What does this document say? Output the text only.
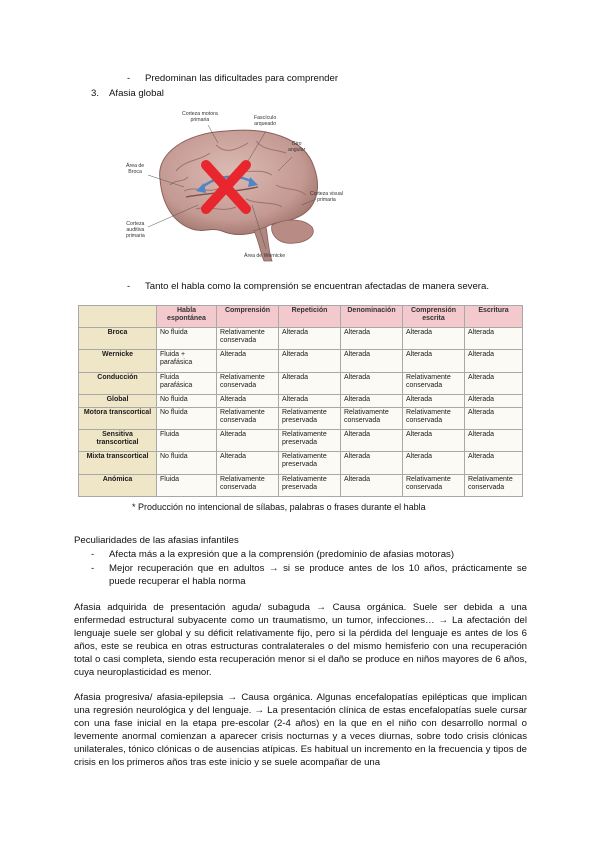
- Predominan las dificultades para comprender
3. Afasia global
Corteza motora
primaria	Fascículo
arqueado
Giro
angular
Área de
Broca
Corteza visual
primaria
Corteza
auditiva
primaria
Área de Wernicke
- Tanto el habla como la comprensión se encuentran afectadas de manera severa.
	Habla espontánea	Comprensión	Repetición	Denominación	Comprensión escrita	Escritura
Broca	No fluida	Relativamente conservada	Alterada	Alterada	Alterada	Alterada
Wernicke	Fluida + parafásica	Alterada	Alterada	Alterada	Alterada	Alterada
Conducción	Fluida parafásica	Relativamente conservada	Alterada	Alterada	Relativamente conservada	Alterada
Global	No fluida	Alterada	Alterada	Alterada	Alterada	Alterada
Motora transcortical	No fluida	Relativamente conservada	Relativamente preservada	Relativamente conservada	Relativamente conservada	Alterada
Sensitiva transcortical	Fluida	Alterada	Relativamente preservada	Alterada	Alterada	Alterada
Mixta transcortical	No fluida	Alterada	Relativamente preservada	Alterada	Alterada	Alterada
Anómica	Fluida	Relativamente conservada	Relativamente preservada	Alterada	Relativamente conservada	Relativamente conservada
* Producción no intencional de sílabas, palabras o frases durante el habla
Peculiaridades de las afasias infantiles
- Afecta más a la expresión que a la comprensión (predominio de afasias motoras)
- Mejor recuperación que en adultos → si se produce antes de los 10 años, prácticamente se puede recuperar el habla norma
Afasia adquirida de presentación aguda/ subaguda → Causa orgánica. Suele ser debida a una enfermedad estructural subyacente como un traumatismo, un tumor, infecciones… → La afectación del lenguaje suele ser global y su déficit relativamente fijo, pero si la pérdida del lenguaje es antes de los 6 años, este se reubica en otras estructuras contralaterales o del mismo hemisferio con una recuperación total o casi completa, siendo esta recuperación menor si el daño se produce en niños mayores de 6 años, cuya neuroplasticidad es menor.
Afasia progresiva/ afasia-epilepsia → Causa orgánica. Algunas encefalopatías epilépticas que implican una regresión neurológica y del lenguaje. → La presentación clínica de estas encefalopatías suele cursar con una fase inicial en la etapa pre-escolar (2-4 años) en la que en el niño con desarrollo normal o levemente anormal comienzan a aparecer crisis nocturnas y a veces diurnas, sobre todo crisis clónicas unilaterales, tónico clónicas o de ausencias atípicas. Es habitual un incremento en la frecuencia y tipos de crisis en los primeros años tras este inicio y se suele acompañar de una
